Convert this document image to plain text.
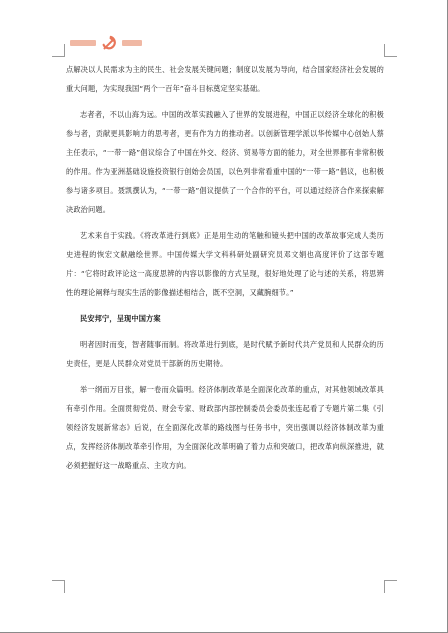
点解决以人民需求为主的民生、社会发展关键问题；制度以发展为导向，结合国家经济社会发展的重大问题，为实现我国“两个一百年”奋斗目标奠定坚实基础。

志者者，不以山海为远。中国的改革实践融入了世界的发展进程，中国正以经济全球化的积极参与者，贡献更具影响力的思考者，更有作为力的推动者。以创新管理学派以华传媒中心创始人蔡主任表示，“一带一路”倡议综合了中国在外交、经济、贸易等方面的能力，对全世界都有非常积极的作用。作为亚洲基础设施投资银行创始会员国，以色列非常看重中国的“一带一路”倡议，也积极参与诸多项目。聂凯撰认为，“一带一路”倡议提供了一个合作的平台，可以通过经济合作来探索解决政治问题。

艺术来自于实践。《将改革进行到底》正是用生动的笔触和镜头把中国的改革故事完成人类历史进程的恢宏文献融绘世界。中国传媒大学文科科研处副研究员邓文娟也高度评价了这部专题片：“它将时政评论这一高度思辨的内容以影像的方式呈现，很好地处理了论与述的关系，将思辨性的理论阐释与现实生活的影像描述相结合，既不空洞，又藏腕细节。”

民安邦宁，呈现中国方案

明者因时而变，智者随事而制。将改革进行到底，是时代赋予新时代共产党员和人民群众的历史责任，更是人民群众对党员干部新的历史期待。

举一纲而万目张，解一卷而众篇明。经济体制改革是全面深化改革的重点，对其他领域改革具有牵引作用。全面贯彻党员、财会专家、财政部内部控制委员会委员张连起看了专题片第二集《引领经济发展新常态》后说，在全面深化改革的路线图与任务书中，突出强调以经济体制改革为重点，发挥经济体制改革牵引作用，为全面深化改革明确了着力点和突破口，把改革向纵深推进，就必须把握好这一战略重点、主攻方向。
